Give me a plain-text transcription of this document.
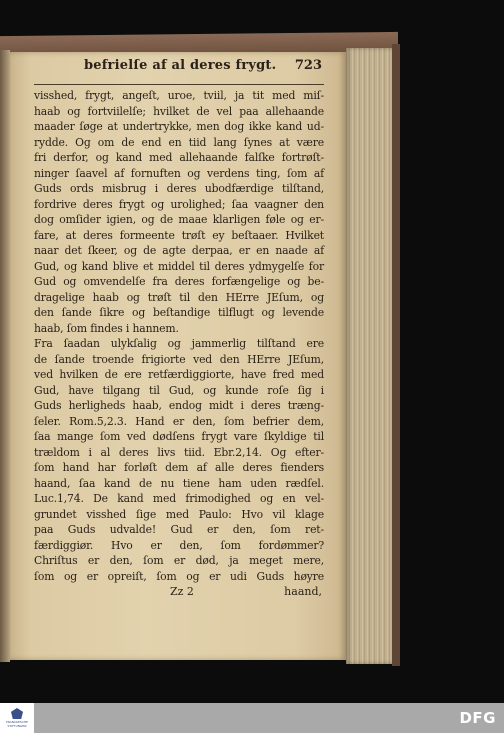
befrielſe af al deres frygt. 723
visshed, frygt, angeſt, uroe, tviil, ja tit med miſ-
haab og fortviilelſe; hvilket de vel paa allehaande
maader ſøge at undertrykke, men dog ikke kand ud-
rydde. Og om de end en tiid lang ſynes at være
fri derfor, og kand med allehaande falſke fortrøſt-
ninger ſaavel af fornuften og verdens ting, ſom af
Guds ords misbrug i deres ubodfærdige tilſtand,
fordrive deres frygt og urolighed; ſaa vaagner den
dog omſider igien, og de maae klarligen føle og er-
fare, at deres formeente trøſt ey beſtaaer. Hvilket
naar det ſkeer, og de agte derpaa, er en naade af
Gud, og kand blive et middel til deres ydmygelſe for
Gud og omvendelſe fra deres forfængelige og be-
dragelige haab og trøſt til den HErre JEſum, og
den ſande ſikre og beſtandige tilflugt og levende
haab, ſom findes i hannem.
Fra ſaadan ulykſalig og jammerlig tilſtand ere
de ſande troende frigiorte ved den HErre JEſum,
ved hvilken de ere retfærdiggiorte, have fred med
Gud, have tilgang til Gud, og kunde roſe ſig i
Guds herligheds haab, endog midt i deres træng-
ſeler. Rom.5,2.3. Hand er den, ſom befrier dem,
ſaa mange ſom ved dødſens frygt vare ſkyldige til
trældom i al deres livs tiid. Ebr.2,14. Og efter-
ſom hand har forløſt dem af alle deres fienders
haand, ſaa kand de nu tiene ham uden rædſel.
Luc.1,74. De kand med frimodighed og en vel-
grundet visshed ſige med Paulo: Hvo vil klage
paa Guds udvalde! Gud er den, ſom ret-
færdiggiør. Hvo er den, ſom fordømmer?
Chriſtus er den, ſom er død, ja meget mere,
ſom og er opreiſt, ſom og er udi Guds høyre
Zz 2	haand,
FRANCKESCHE STIFTUNGEN	DFG
